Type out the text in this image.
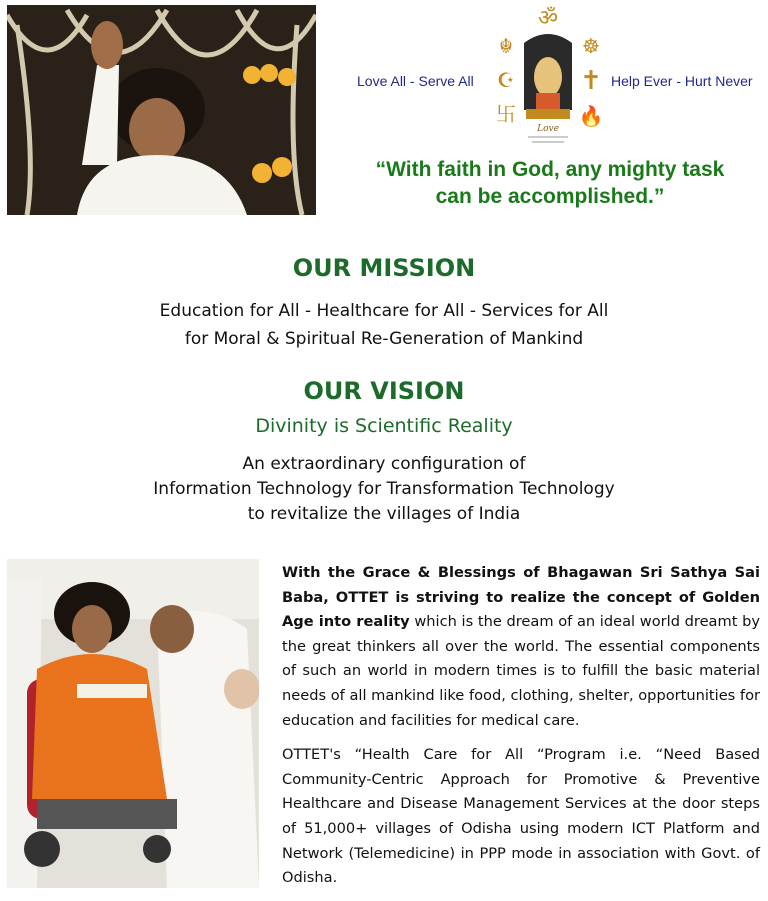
Love All - Serve All
ॐ
☬	☸
☪	✝
卐	🔥
Love
Help Ever - Hurt Never
“With faith in God, any mighty task
can be accomplished.”
OUR MISSION
Education for All - Healthcare for All - Services for All
for Moral & Spiritual Re-Generation of Mankind
OUR VISION
Divinity is Scientific Reality
An extraordinary configuration of
Information Technology for Transformation Technology
to revitalize the villages of India

With the Grace & Blessings of Bhagawan Sri Sathya Sai Baba, OTTET is striving to realize the concept of Golden Age into reality which is the dream of an ideal world dreamt by the great thinkers all over the world. The essential components of such an world in modern times is to fulfill the basic material needs of all mankind like food, clothing, shelter, opportunities for education and facilities for medical care.

OTTET's “Health Care for All “Program i.e. “Need Based Community-Centric Approach for Promotive & Preventive Healthcare and Disease Management Services at the door steps of 51,000+ villages of Odisha using modern ICT Platform and Network (Telemedicine) in PPP mode in association with Govt. of Odisha.
